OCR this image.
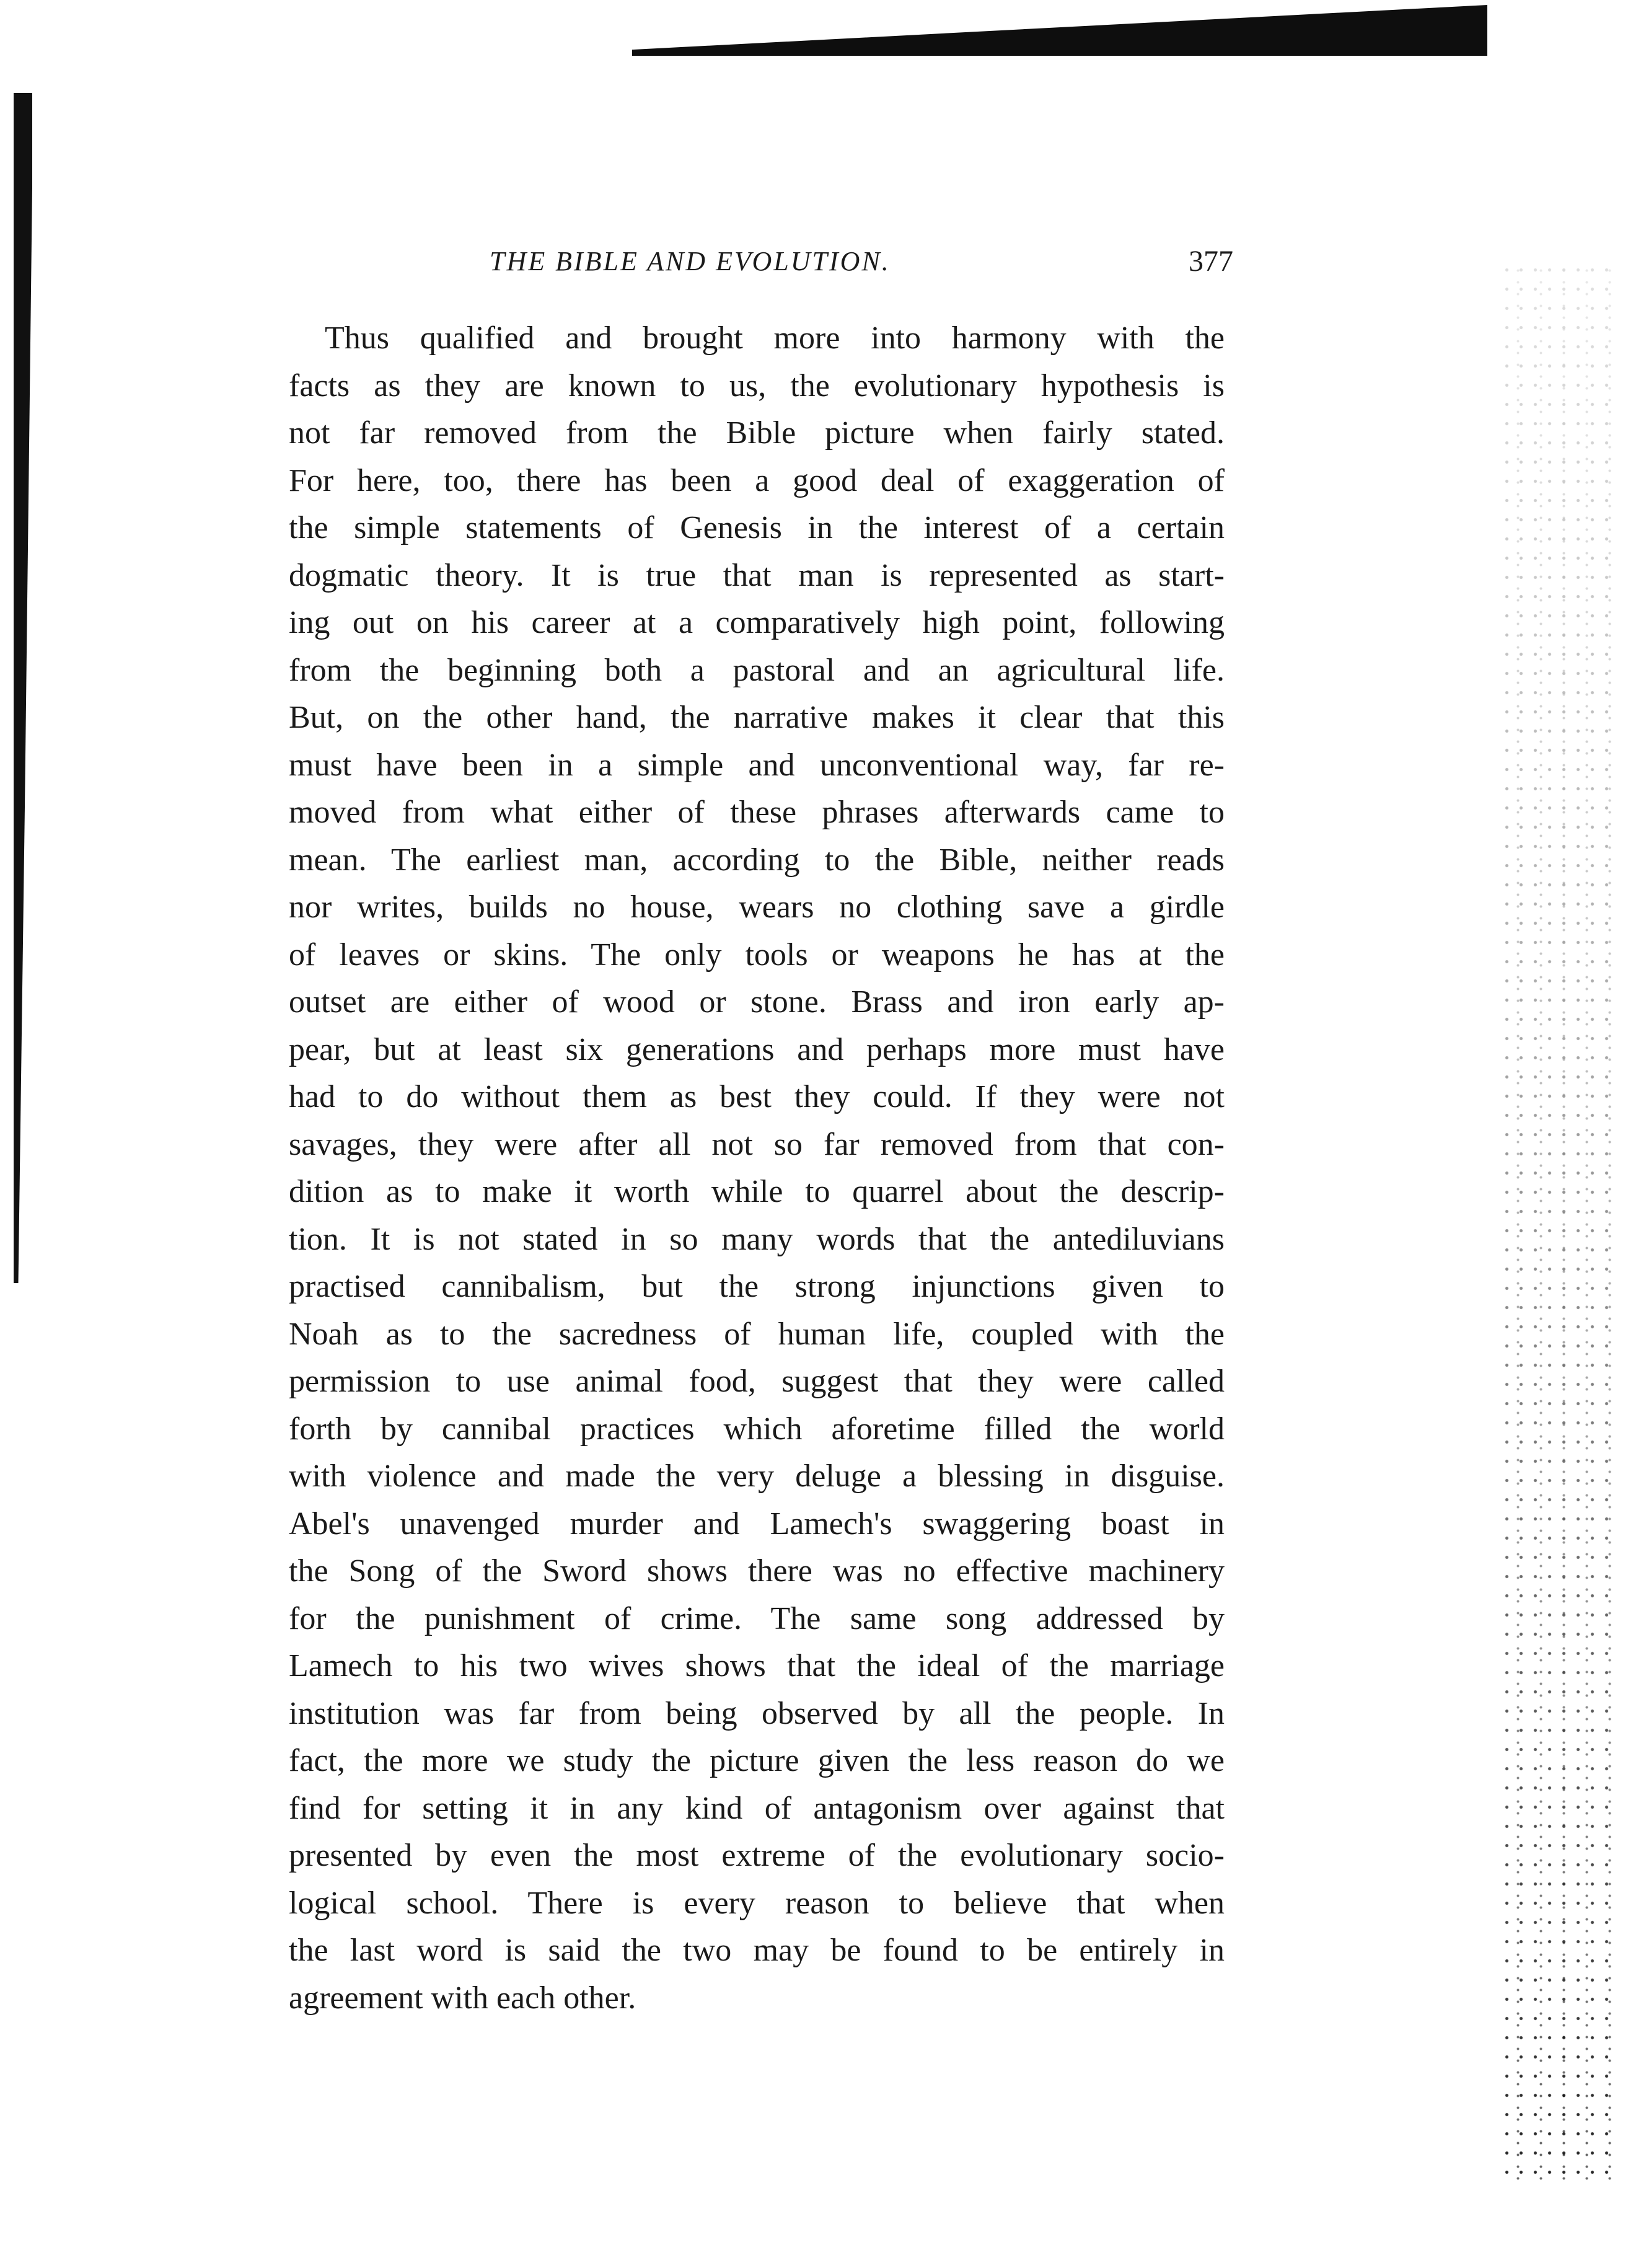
THE BIBLE AND EVOLUTION.	377
Thus qualified and brought more into harmony with the
facts as they are known to us, the evolutionary hypothesis is
not far removed from the Bible picture when fairly stated.
For here, too, there has been a good deal of exaggeration of
the simple statements of Genesis in the interest of a certain
dogmatic theory. It is true that man is represented as start-
ing out on his career at a comparatively high point, following
from the beginning both a pastoral and an agricultural life.
But, on the other hand, the narrative makes it clear that this
must have been in a simple and unconventional way, far re-
moved from what either of these phrases afterwards came to
mean. The earliest man, according to the Bible, neither reads
nor writes, builds no house, wears no clothing save a girdle
of leaves or skins. The only tools or weapons he has at the
outset are either of wood or stone. Brass and iron early ap-
pear, but at least six generations and perhaps more must have
had to do without them as best they could. If they were not
savages, they were after all not so far removed from that con-
dition as to make it worth while to quarrel about the descrip-
tion. It is not stated in so many words that the antediluvians
practised cannibalism, but the strong injunctions given to
Noah as to the sacredness of human life, coupled with the
permission to use animal food, suggest that they were called
forth by cannibal practices which aforetime filled the world
with violence and made the very deluge a blessing in disguise.
Abel's unavenged murder and Lamech's swaggering boast in
the Song of the Sword shows there was no effective machinery
for the punishment of crime. The same song addressed by
Lamech to his two wives shows that the ideal of the marriage
institution was far from being observed by all the people. In
fact, the more we study the picture given the less reason do we
find for setting it in any kind of antagonism over against that
presented by even the most extreme of the evolutionary socio-
logical school. There is every reason to believe that when
the last word is said the two may be found to be entirely in
agreement with each other.
